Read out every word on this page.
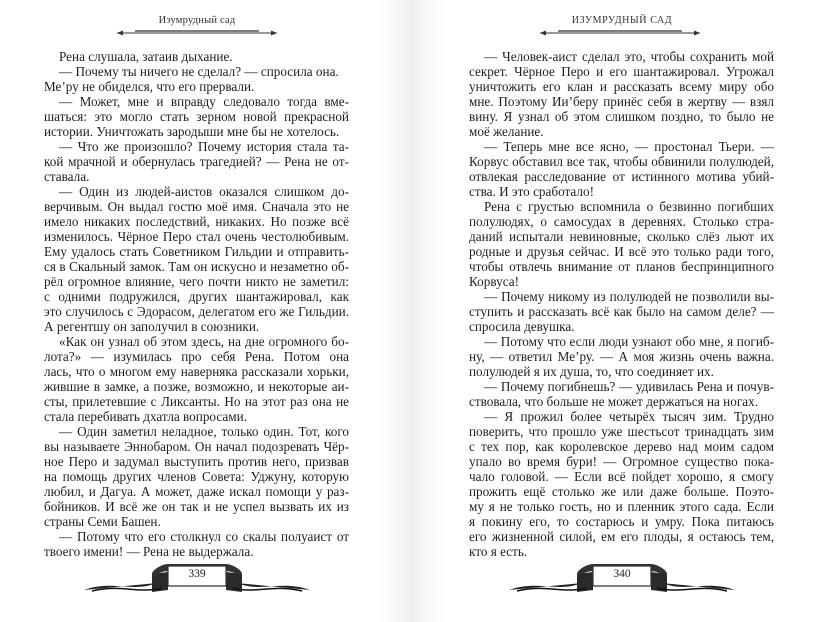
Изумрудный сад
Рена слушала, затаив дыхание.
— Почему ты ничего не сделал? — спросила она.
Ме’ру не обиделся, что его прервали.
— Может, мне и вправду следовало тогда вме-
шаться: это могло стать зерном новой прекрасной
истории. Уничтожать зародыши мне бы не хотелось.
— Что же произошло? Почему история стала та-
кой мрачной и обернулась трагедией? — Рена не от-
ставала.
— Один из людей-аистов оказался слишком до-
верчивым. Он выдал гостю моё имя. Сначала это не
имело никаких последствий, никаких. Но позже всё
изменилось. Чёрное Перо стал очень честолюбивым.
Ему удалось стать Советником Гильдии и отправить-
ся в Скальный замок. Там он искусно и незаметно об-
рёл огромное влияние, чего почти никто не заметил:
с одними подружился, других шантажировал, как
это случилось с Эдорасом, делегатом его же Гильдии.
А регентшу он заполучил в союзники.
«Как он узнал об этом здесь, на дне огромного бо-
лота?» — изумилась про себя Рена. Потом она
лась, что о многом ему наверняка рассказали хорьки,
жившие в замке, а позже, возможно, и некоторые аи-
сты, прилетевшие с Ликсанты. Но на этот раз она не
стала перебивать дхатла вопросами.
— Один заметил неладное, только один. Тот, кого
вы называете Эннобаром. Он начал подозревать Чёр-
ное Перо и задумал выступить против него, призвав
на помощь других членов Совета: Уджуну, которую
любил, и Дагуа. А может, даже искал помощи у раз-
бойников. И всё же он так и не успел вызвать их из
страны Семи Башен.
— Потому что его столкнул со скалы полуаист от
твоего имени! — Рена не выдержала.
339
ИЗУМРУДНЫЙ САД
— Человек-аист сделал это, чтобы сохранить мой
секрет. Чёрное Перо и его шантажировал. Угрожал
уничтожить его клан и рассказать всему миру обо
мне. Поэтому Ии’беру принёс себя в жертву — взял
вину. Я узнал об этом слишком поздно, то было не
моё желание.
— Теперь мне все ясно, — простонал Тьери. —
Корвус обставил все так, чтобы обвинили полулюдей,
отвлекая расследование от истинного мотива убий-
ства. И это сработало!
Рена с грустью вспомнила о безвинно погибших
полулюдях, о самосудах в деревнях. Столько стра-
даний испытали невиновные, сколько слёз льют их
родные и друзья сейчас. И всё это только ради того,
чтобы отвлечь внимание от планов беспринципного
Корвуса!
— Почему никому из полулюдей не позволили вы-
ступить и рассказать всё как было на самом деле? —
спросила девушка.
— Потому что если люди узнают обо мне, я погиб-
ну, — ответил Ме’ру. — А моя жизнь очень важна.
полулюдей я их душа, то, что соединяет их.
— Почему погибнешь? — удивилась Рена и почув-
ствовала, что больше не может держаться на ногах.
— Я прожил более четырёх тысяч зим. Трудно
поверить, что прошло уже шестьсот тринадцать зим
с тех пор, как королевское дерево над моим садом
упало во время бури! — Огромное существо пока-
чало головой. — Если всё пойдет хорошо, я смогу
прожить ещё столько же или даже больше. Поэто-
му я не только гость, но и пленник этого сада. Если
я покину его, то состарюсь и умру. Пока питаюсь
его жизненной силой, ем его плоды, я остаюсь тем,
кто я есть.
340
